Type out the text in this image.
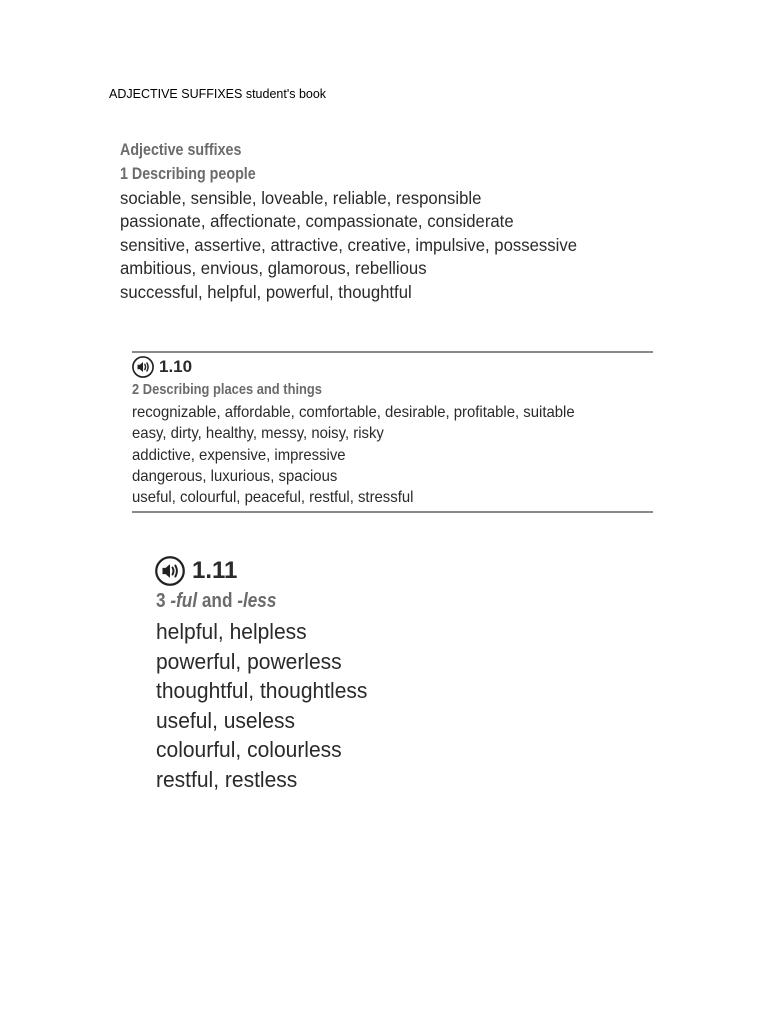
ADJECTIVE SUFFIXES student's book
Adjective suffixes
1 Describing people
sociable, sensible, loveable, reliable, responsible
passionate, affectionate, compassionate, considerate
sensitive, assertive, attractive, creative, impulsive, possessive
ambitious, envious, glamorous, rebellious
successful, helpful, powerful, thoughtful
1.10
2 Describing places and things
recognizable, affordable, comfortable, desirable, profitable, suitable
easy, dirty, healthy, messy, noisy, risky
addictive, expensive, impressive
dangerous, luxurious, spacious
useful, colourful, peaceful, restful, stressful
1.11
3 -ful and -less
helpful, helpless
powerful, powerless
thoughtful, thoughtless
useful, useless
colourful, colourless
restful, restless
